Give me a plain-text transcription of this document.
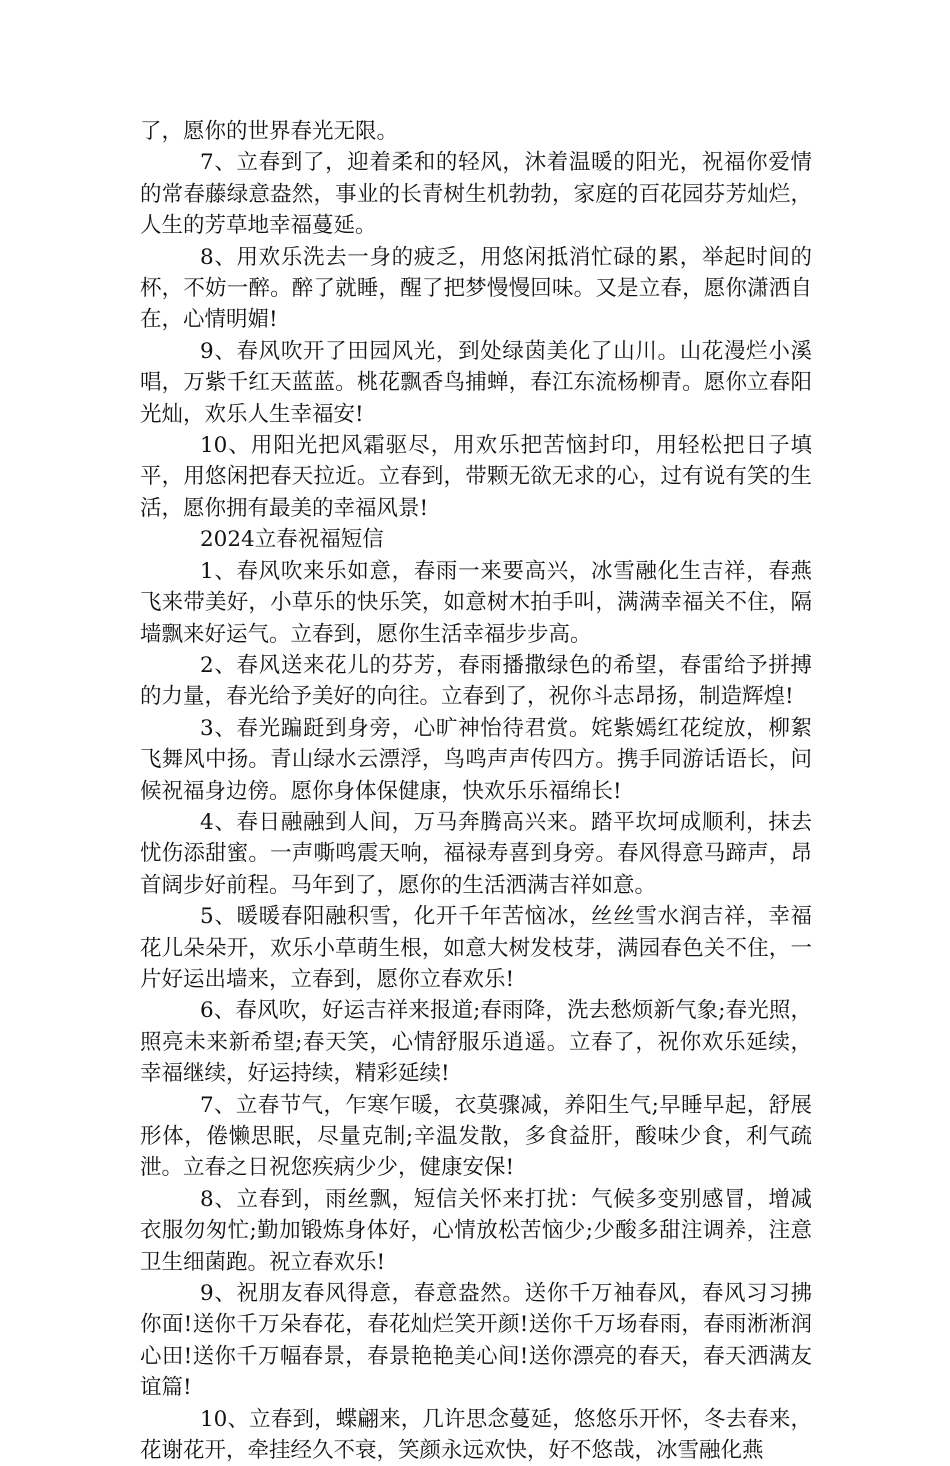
了，愿你的世界春光无限。

7、立春到了，迎着柔和的轻风，沐着温暖的阳光，祝福你爱情的常春藤绿意盎然，事业的长青树生机勃勃，家庭的百花园芬芳灿烂，人生的芳草地幸福蔓延。

8、用欢乐洗去一身的疲乏，用悠闲抵消忙碌的累，举起时间的杯，不妨一醉。醉了就睡，醒了把梦慢慢回味。又是立春，愿你潇洒自在，心情明媚!

9、春风吹开了田园风光，到处绿茵美化了山川。山花漫烂小溪唱，万紫千红天蓝蓝。桃花飘香鸟捕蝉，春江东流杨柳青。愿你立春阳光灿，欢乐人生幸福安!

10、用阳光把风霜驱尽，用欢乐把苦恼封印，用轻松把日子填平，用悠闲把春天拉近。立春到，带颗无欲无求的心，过有说有笑的生活，愿你拥有最美的幸福风景!

2024立春祝福短信

1、春风吹来乐如意，春雨一来要高兴，冰雪融化生吉祥，春燕飞来带美好，小草乐的快乐笑，如意树木拍手叫，满满幸福关不住，隔墙飘来好运气。立春到，愿你生活幸福步步高。

2、春风送来花儿的芬芳，春雨播撒绿色的希望，春雷给予拼搏的力量，春光给予美好的向往。立春到了，祝你斗志昂扬，制造辉煌!

3、春光蹁跹到身旁，心旷神怡待君赏。姹紫嫣红花绽放，柳絮飞舞风中扬。青山绿水云漂浮，鸟鸣声声传四方。携手同游话语长，问候祝福身边傍。愿你身体保健康，快欢乐乐福绵长!

4、春日融融到人间，万马奔腾高兴来。踏平坎坷成顺利，抹去忧伤添甜蜜。一声嘶鸣震天响，福禄寿喜到身旁。春风得意马蹄声，昂首阔步好前程。马年到了，愿你的生活洒满吉祥如意。

5、暖暖春阳融积雪，化开千年苦恼冰，丝丝雪水润吉祥，幸福花儿朵朵开，欢乐小草萌生根，如意大树发枝芽，满园春色关不住，一片好运出墙来，立春到，愿你立春欢乐!

6、春风吹，好运吉祥来报道;春雨降，洗去愁烦新气象;春光照，照亮未来新希望;春天笑，心情舒服乐逍遥。立春了，祝你欢乐延续，幸福继续，好运持续，精彩延续!

7、立春节气，乍寒乍暖，衣莫骤减，养阳生气;早睡早起，舒展形体，倦懒思眠，尽量克制;辛温发散，多食益肝，酸味少食，利气疏泄。立春之日祝您疾病少少，健康安保!

8、立春到，雨丝飘，短信关怀来打扰：气候多变别感冒，增减衣服勿匆忙;勤加锻炼身体好，心情放松苦恼少;少酸多甜注调养，注意卫生细菌跑。祝立春欢乐!

9、祝朋友春风得意，春意盎然。送你千万袖春风，春风习习拂你面!送你千万朵春花，春花灿烂笑开颜!送你千万场春雨，春雨淅淅润心田!送你千万幅春景，春景艳艳美心间!送你漂亮的春天，春天洒满友谊篇!

10、立春到，蝶翩来，几许思念蔓延，悠悠乐开怀，冬去春来，花谢花开，牵挂经久不衰，笑颜永远欢快，好不悠哉，冰雪融化燕
